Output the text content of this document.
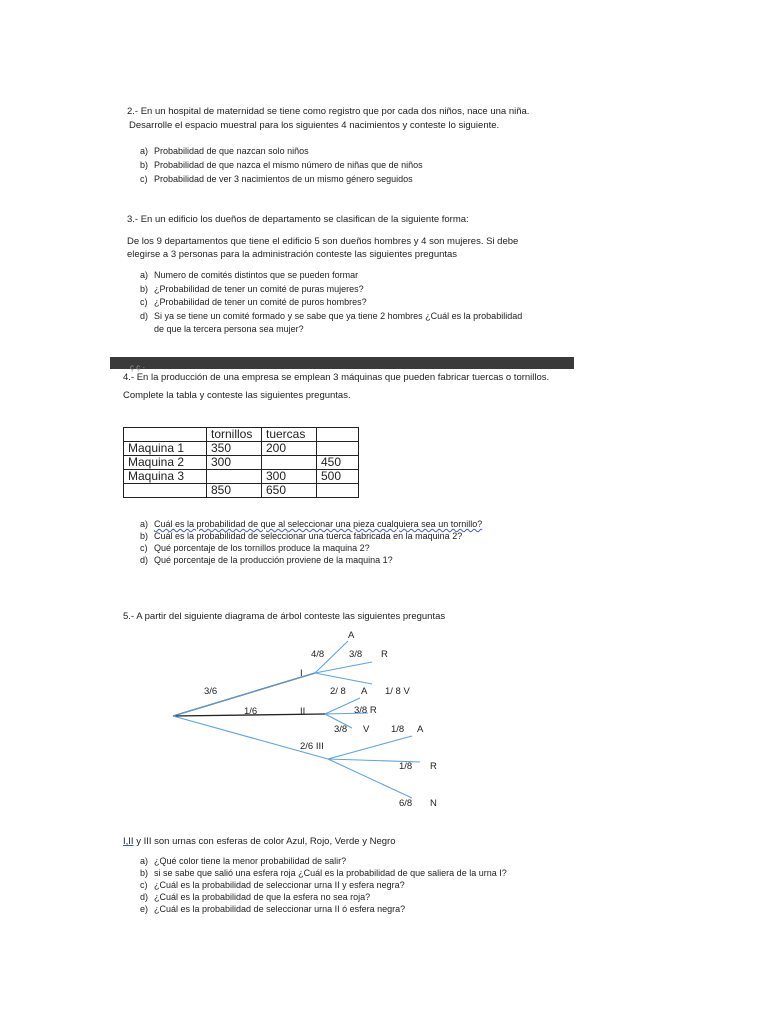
2.- En un hospital de maternidad se tiene como registro que por cada dos niños, nace una niña.
Desarrolle el espacio muestral para los siguientes 4 nacimientos y conteste lo siguiente.
a) Probabilidad de que nazcan solo niños
b) Probabilidad de que nazca el mismo número de niñas que de niños
c) Probabilidad de ver 3 nacimientos de un mismo género seguidos
3.- En un edificio los dueños de departamento se clasifican de la siguiente forma:
De los 9 departamentos que tiene el edificio 5 son dueños hombres y 4 son mujeres. Si debe
elegirse a 3 personas para la administración conteste las siguientes preguntas
a) Numero de comités distintos que se pueden formar
b) ¿Probabilidad de tener un comité de puras mujeres?
c) ¿Probabilidad de tener un comité de puros hombres?
d) Si ya se tiene un comité formado y se sabe que ya tiene 2 hombres ¿Cuál es la probabilidad
de que la tercera persona sea mujer?
ç ç ·
4.- En la producción de una empresa se emplean 3 máquinas que pueden fabricar tuercas o tornillos.
Complete la tabla y conteste las siguientes preguntas.
	tornillos	tuercas	
Maquina 1	350	200	
Maquina 2	300		450
Maquina 3		300	500
	850	650	
a) Cuál es la probabilidad de que al seleccionar una pieza cualquiera sea un tornillo?
b) Cuál es la probabilidad de seleccionar una tuerca fabricada en la maquina 2?
c) Qué porcentaje de los tornillos produce la maquina 2?
d) Qué porcentaje de la producción proviene de la maquina 1?
5.- A partir del siguiente diagrama de árbol conteste las siguientes preguntas
A
4/8	3/8 R
I
3/6	2/ 8 A 1/ 8 V
1/6	II	3/8 R
3/8 V 1/8 A
2/6 III
1/8 R
6/8 N
I,II y III son urnas con esferas de color Azul, Rojo, Verde y Negro
a) ¿Qué color tiene la menor probabilidad de salir?
b) si se sabe que salió una esfera roja ¿Cuál es la probabilidad de que saliera de la urna I?
c) ¿Cuál es la probabilidad de seleccionar urna II y esfera negra?
d) ¿Cuál es la probabilidad de que la esfera no sea roja?
e) ¿Cuál es la probabilidad de seleccionar urna II ó esfera negra?
